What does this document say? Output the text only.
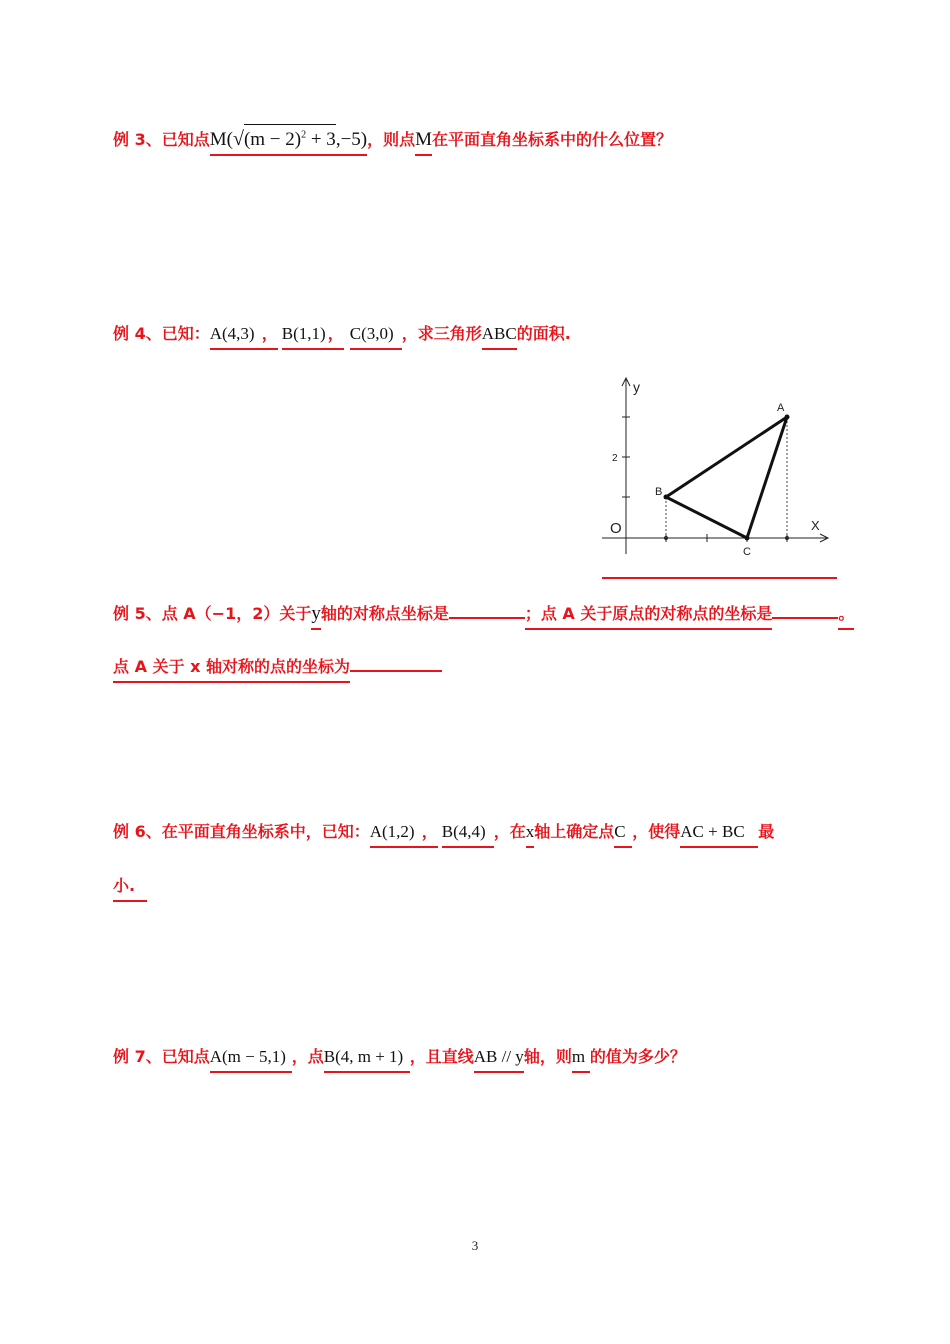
例 3、已知点$M(√(m - 2)^2 + 3,-5)$，则点M在平面直角坐标系中的什么位置？
例 4、已知：A(4,3) ， B(1,1) ， C(3,0) ，求三角形ABC的面积.
y
X
O
2
A
B
C
例 5、点 A（−1，2）关于y轴的对称点坐标是	；点 A 关于原点的对称点的坐标是	。
点 A 关于 x 轴对称的点的坐标为
例 6、在平面直角坐标系中，已知：A(1,2) ， B(4,4) ，在x轴上确定点C ，使得AC + BC 最
小.
例 7、已知点A(m − 5,1) ，点B(4, m + 1) ，且直线AB // y轴，则m 的值为多少？
3
